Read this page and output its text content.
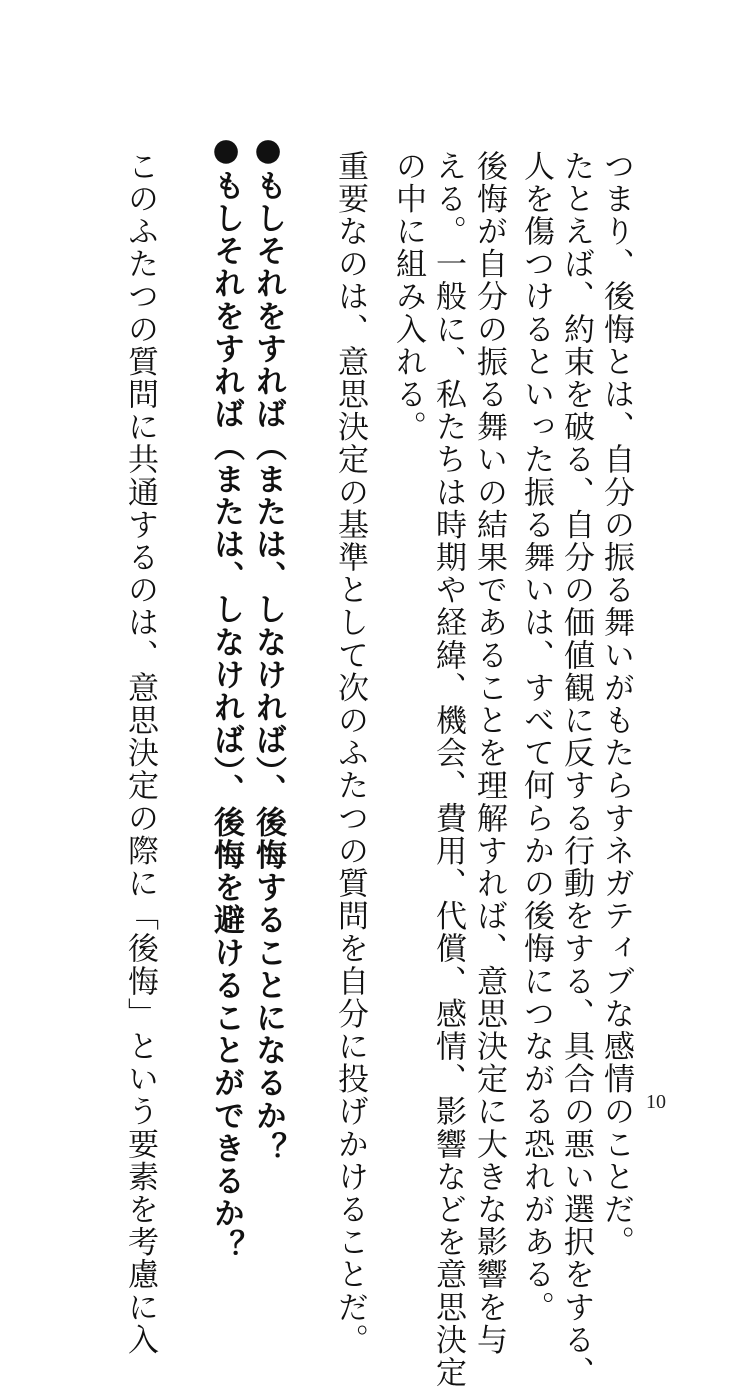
つまり、後悔とは、自分の振る舞いがもたらすネガティブな感情のことだ。
たとえば、約束を破る、自分の価値観に反する行動をする、具合の悪い選択をする、
人を傷つけるといった振る舞いは、すべて何らかの後悔につながる恐れがある。
後悔が自分の振る舞いの結果であることを理解すれば、意思決定に大きな影響を与
える。一般に、私たちは時期や経緯、機会、費用、代償、感情、影響などを意思決定
の中に組み入れる。
重要なのは、意思決定の基準として次のふたつの質問を自分に投げかけることだ。
●もしそれをすれば（または、しなければ）、後悔することになるか？
●もしそれをすれば（または、しなければ）、後悔を避けることができるか？
このふたつの質問に共通するのは、意思決定の際に「後悔」という要素を考慮に入	10
